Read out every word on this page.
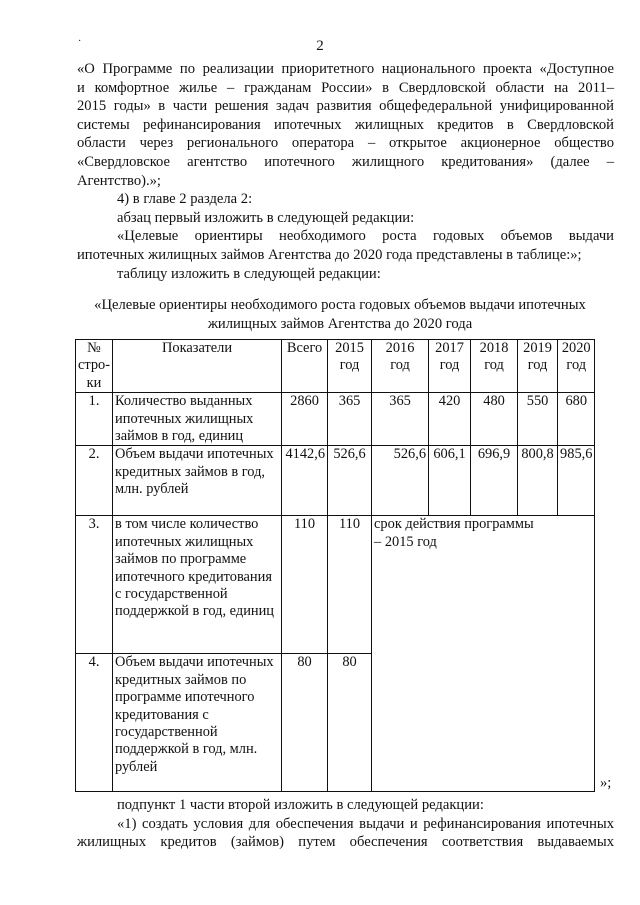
·	2
«О Программе по реализации приоритетного национального проекта «Доступное
и комфортное жилье – гражданам России» в Свердловской области на 2011–
2015 годы» в части решения задач развития общефедеральной унифицированной
системы рефинансирования ипотечных жилищных кредитов в Свердловской
области через регионального оператора – открытое акционерное общество
«Свердловское агентство ипотечного жилищного кредитования» (далее –
Агентство).»;
4) в главе 2 раздела 2:
абзац первый изложить в следующей редакции:
«Целевые ориентиры необходимого роста годовых объемов выдачи
ипотечных жилищных займов Агентства до 2020 года представлены в таблице:»;
таблицу изложить в следующей редакции:
«Целевые ориентиры необходимого роста годовых объемов выдачи ипотечных
жилищных займов Агентства до 2020 года
№ стро-ки	Показатели	Всего	2015 год	2016 год	2017 год	2018 год	2019 год	2020 год
1.	Количество выданных ипотечных жилищных займов в год, единиц	2860	365	365	420	480	550	680
2.	Объем выдачи ипотечных кредитных займов в год, млн. рублей	4142,6	526,6	526,6	606,1	696,9	800,8	985,6
3.	в том числе количество ипотечных жилищных займов по программе ипотечного кредитования с государственной поддержкой в год, единиц	110	110	срок действия программы – 2015 год				
4.	Объем выдачи ипотечных кредитных займов по программе ипотечного кредитования с государственной поддержкой в год, млн. рублей	80	80					
»;
подпункт 1 части второй изложить в следующей редакции:
«1) создать условия для обеспечения выдачи и рефинансирования ипотечных
жилищных кредитов (займов) путем обеспечения соответствия выдаваемых
